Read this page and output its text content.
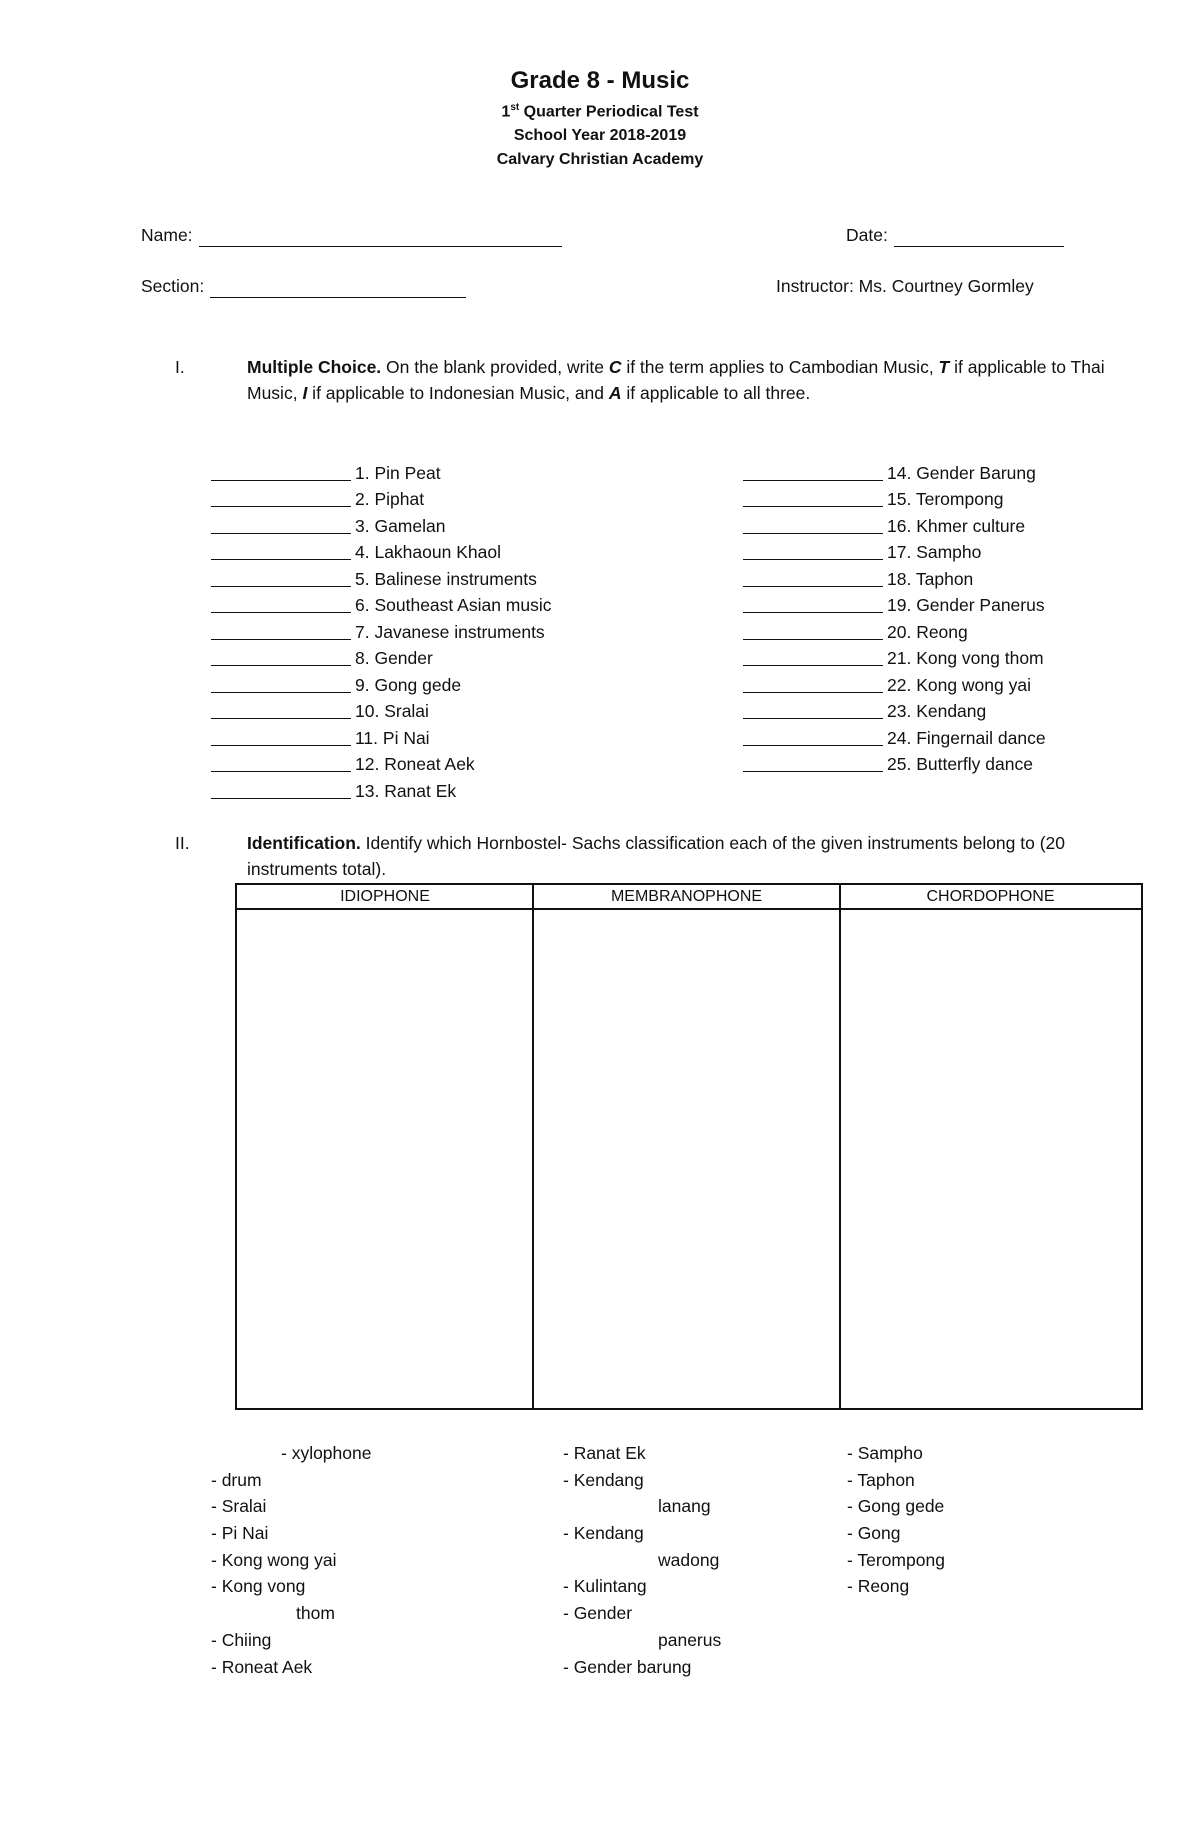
Grade 8 - Music
1st Quarter Periodical Test
School Year 2018-2019
Calvary Christian Academy
Name:	Date:
Section:	Instructor: Ms. Courtney Gormley
I.	Multiple Choice. On the blank provided, write C if the term applies to Cambodian Music, T if applicable to Thai Music, I if applicable to Indonesian Music, and A if applicable to all three.
1. Pin Peat
2. Piphat
3. Gamelan
4. Lakhaoun Khaol
5. Balinese instruments
6. Southeast Asian music
7. Javanese instruments
8. Gender
9. Gong gede
10. Sralai
11. Pi Nai
12. Roneat Aek
13. Ranat Ek
14. Gender Barung
15. Terompong
16. Khmer culture
17. Sampho
18. Taphon
19. Gender Panerus
20. Reong
21. Kong vong thom
22. Kong wong yai
23. Kendang
24. Fingernail dance
25. Butterfly dance
II.	Identification. Identify which Hornbostel- Sachs classification each of the given instruments belong to (20 instruments total).
IDIOPHONE	MEMBRANOPHONE	CHORDOPHONE
- xylophone
- drum
- Sralai
- Pi Nai
- Kong wong yai
- Kong vong
thom
- Chiing
- Roneat Aek
- Ranat Ek
- Kendang
lanang
- Kendang
wadong
- Kulintang
- Gender
panerus
- Gender barung
- Sampho
- Taphon
- Gong gede
- Gong
- Terompong
- Reong
